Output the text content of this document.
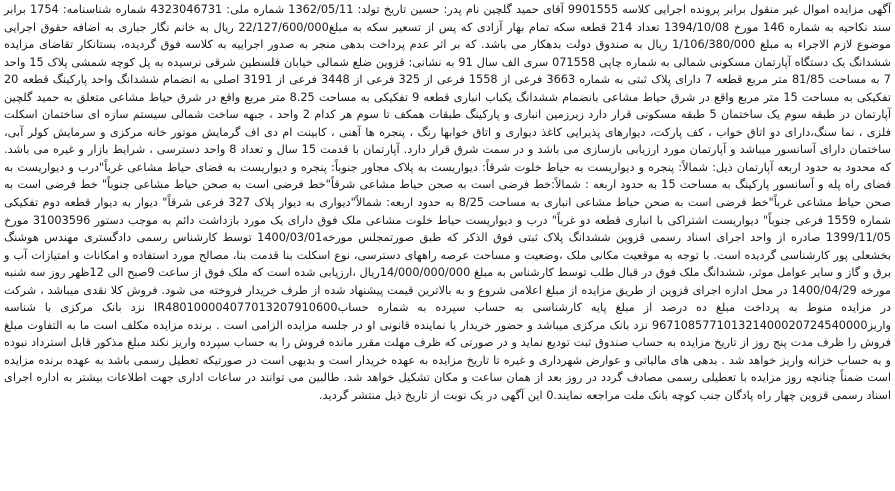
آگهی مزایده اموال غیر منقول برابر پرونده اجرایی کلاسه 9901555 آقای حمید گلچین نام پدر: حسین تاریخ تولد: 1362/05/11 شماره ملی: 4323046731 شماره شناسنامه: 1754 برابر سند نکاحیه به شماره 146 مورخ 1394/10/08 تعداد 214 قطعه سکه تمام بهار آزادی که پس از تسعیر سکه به مبلغ22/127/600/000 ریال به خانم نگار جباری به اضافه حقوق اجرایی موضوع لازم الاجراء به مبلغ 1/106/380/000 ریال به صندوق دولت بدهکار می باشد. که بر اثر عدم پرداخت بدهی منجر به صدور اجراییه به کلاسه فوق گردیده، بستانکار تقاضای مزایده ششدانگ یک دستگاه آپارتمان مسکونی شمالی به شماره چاپی 071558 سری الف سال 91 به نشانی: قزوین ضلع شمالی خیابان فلسطین شرقی نرسیده به پل کوچه شمشی پلاک 15 واحد 7 به مساحت 81/85 متر مربع قطعه 7 دارای پلاک ثبتی به شماره 3663 فرعی از 1558 فرعی از 325 فرعی از 3448 فرعی از 3191 اصلی به انضمام ششدانگ واحد پارکینگ قطعه 20 تفکیکی به مساحت 15 متر مربع واقع در شرق حیاط مشاعی بانضمام ششدانگ یکباب انباری قطعه 9 تفکیکی به مساحت 8.25 متر مربع واقع در شرق حیاط مشاعی متعلق به حمید گلچین آپارتمان در طبقه سوم یک ساختمان 5 طبقه مسکونی قرار دارد زیرزمین انباری و پارکینگ طبقات همکف تا سوم هر کدام 2 واحد ، جبهه ساخت شمالی سیستم سازه ای ساختمان اسکلت فلزی ، نما سنگ،دارای دو اتاق خواب ، کف پارکت، دیوارهای پذیرایی کاغذ دیواری و اتاق خوابها رنگ ، پنجره ها آهنی ، کابینت ام دی اف گرمایش موتور خانه مرکزی و سرمایش کولر آبی، ساختمان دارای آسانسور میباشد و آپارتمان مورد ارزیابی بازسازی می باشد و در سمت شرق قرار دارد. آپارتمان با قدمت 15 سال و تعداد 8 واحد دسترسی ، شرایط بازار و غیره می باشد. که محدود به حدود اربعه آپارتمان ذیل: شمالاً: پنجره و دیواریست به حیاط خلوت شرقاً: دیواریست به پلاک مجاور جنوباً: پنجره و دیواریست به فضای حیاط مشاعی غرباً"درب و دیواریست به فضای راه پله و آسانسور پارکینگ به مساحت 15 به حدود اربعه : شمالاً:خط فرضی است به صحن حیاط مشاعی شرقاً"خط فرضی است به صحن حیاط مشاعی جنوباً" خط فرضی است به صحن حیاط مشاعی غرباً"خط فرضی است به صحن حیاط مشاعی انباری به مساحت 8/25 به حدود اربعه: شمالاً"دیواری به دیوار پلاک 327 فرعی شرقاً" دیوار به دیوار قطعه دوم تفکیکی شماره 1559 فرعی جنوباً" دیواریست اشتراکی با انباری قطعه دو غرباً" درب و دیواریست حیاط خلوت مشاعی ملک فوق دارای یک مورد بازداشت دائم به موجب دستور 31003596 مورخ 1399/11/05 صادره از واحد اجرای اسناد رسمی قزوین ششدانگ پلاک ثبتی فوق الذکر که طبق صورتمجلس مورخه1400/03/01 توسط کارشناس رسمی دادگستری مهندس هوشنگ بخشعلی پور کارشناسی گردیده است. با توجه به موقعیت مکانی ملک ،وضعیت و مساحت عرصه راههای دسترسی، نوع اسکلت بنا قدمت بنا، مصالح مورد استفاده و امکانات و امتیازات آب و برق و گاز و سایر عوامل موثر، ششدانگ ملک فوق در قبال طلب توسط کارشناس به مبلغ 14/000/000/000ریال ،ارزیابی شده است که ملک فوق از ساعت 9صبح الی 12ظهر روز سه شنبه مورخه 1400/04/29 در محل اداره اجرای قزوین از طریق مزایده از مبلغ اعلامی شروع و به بالاترین قیمت پیشنهاد شده از طرف خریدار فروخته می شود. فروش کلا نقدی میباشد ، شرکت در مزایده منوط به پرداخت مبلغ ده درصد از مبلغ پایه کارشناسی به حساب سپرده به شماره حسابIR480100004077013207910600 نزد بانک مرکزی با شناسه واریز967108577101321400020724540000 نزد بانک مرکزی میباشد و حضور خریدار یا نماینده قانونی او در جلسه مزایده الزامی است . برنده مزایده مکلف است ما به التفاوت مبلغ فروش را ظرف مدت پنج روز از تاریخ مزایده به حساب صندوق ثبت تودیع نماید و در صورتی که ظرف مهلت مقرر مانده فروش را به حساب سپرده واریز نکند مبلغ مذکور قابل استرداد نبوده و به حساب خزانه واریز خواهد شد . بدهی های مالیاتی و عوارض شهرداری و غیره تا تاریخ مزایده به عهده خریدار است و بدیهی است در صورتیکه تعطیل رسمی باشد به عهده برنده مزایده است ضمناً چنانچه روز مزایده با تعطیلی رسمی مصادف گردد در روز بعد از همان ساعت و مکان تشکیل خواهد شد. طالبین می توانند در ساعات اداری جهت اطلاعات بیشتر به اداره اجرای اسناد رسمی قزوین چهار راه پادگان جنب کوچه بانک ملت مراجعه نمایند.0 این آگهی در یک نوبت از تاریخ ذیل منتشر گردید.
